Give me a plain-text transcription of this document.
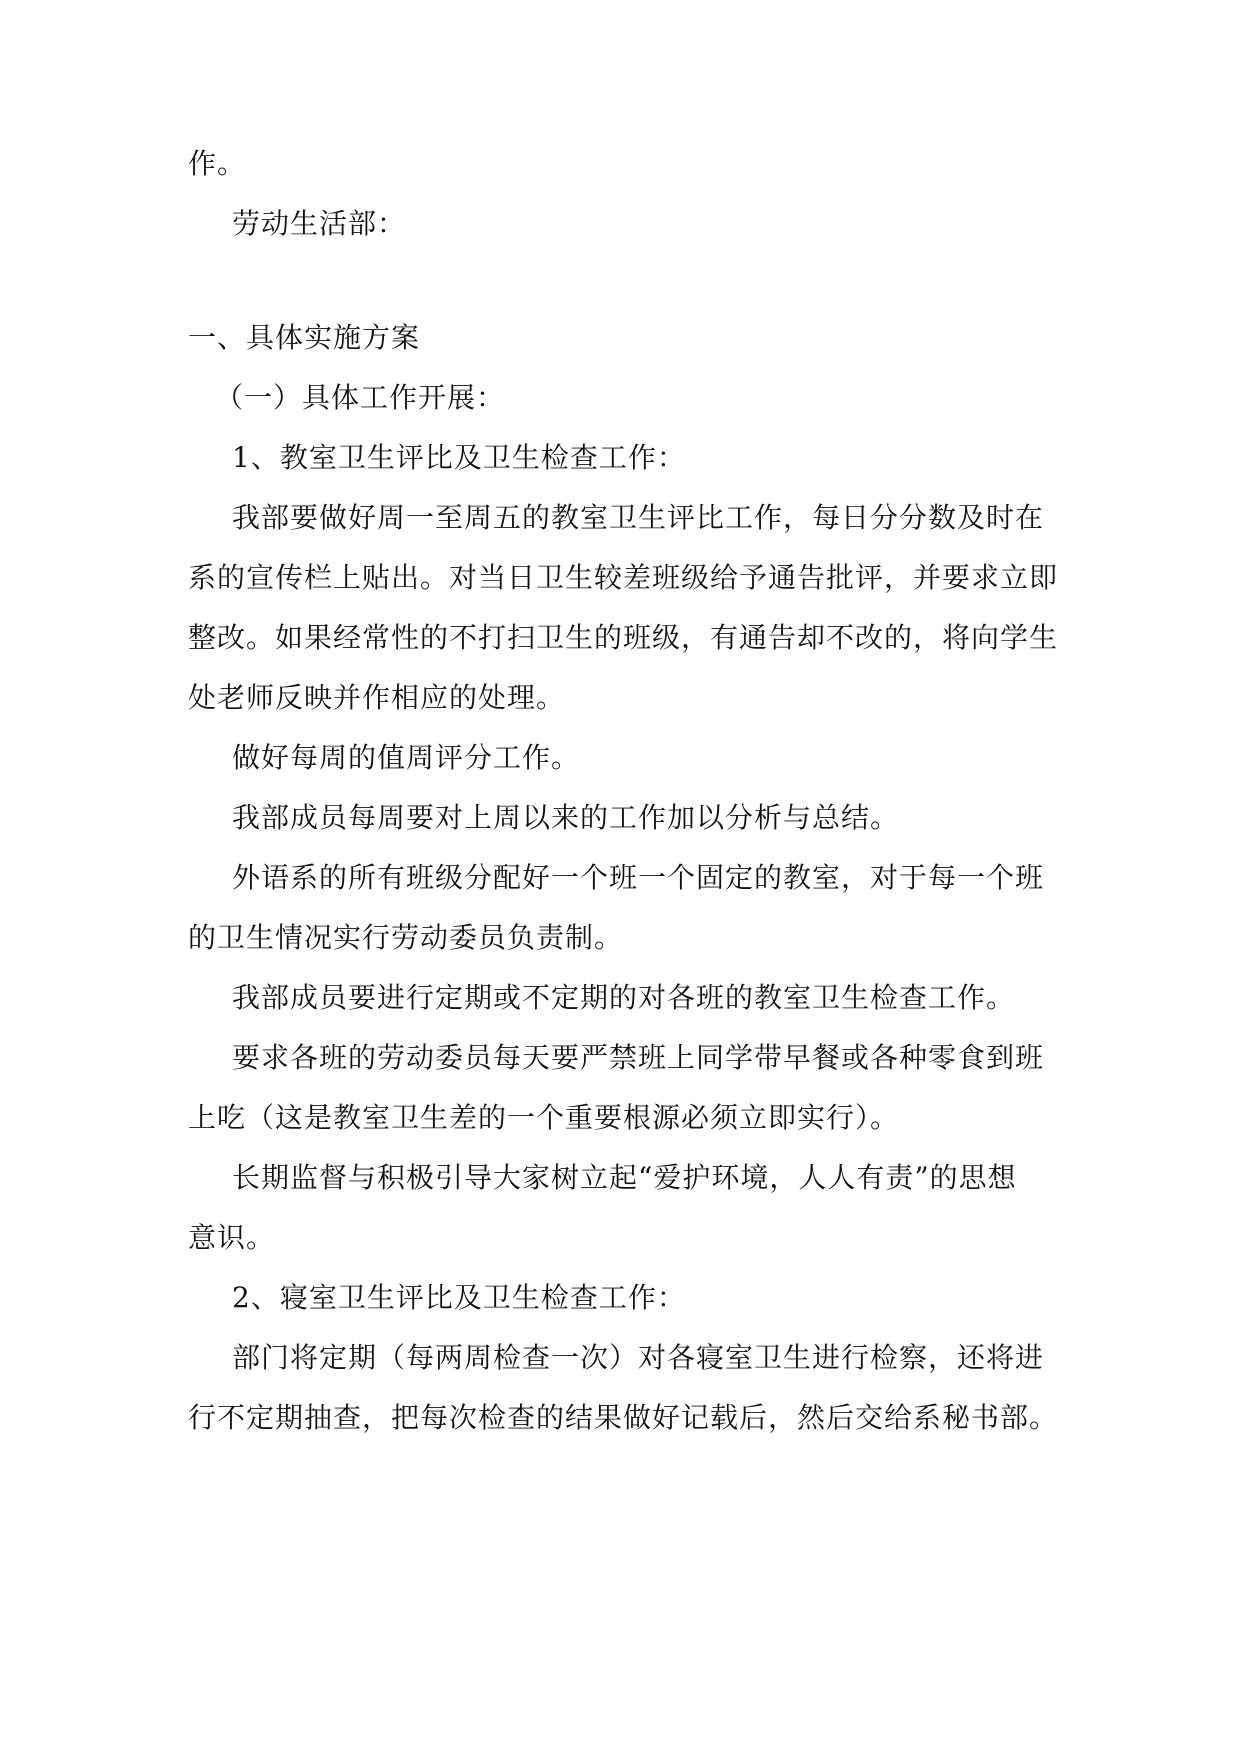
作。
劳动生活部：
一、具体实施方案
（一）具体工作开展：
1、教室卫生评比及卫生检查工作：
我部要做好周一至周五的教室卫生评比工作，每日分分数及时在
系的宣传栏上贴出。对当日卫生较差班级给予通告批评，并要求立即
整改。如果经常性的不打扫卫生的班级，有通告却不改的，将向学生
处老师反映并作相应的处理。
做好每周的值周评分工作。
我部成员每周要对上周以来的工作加以分析与总结。
外语系的所有班级分配好一个班一个固定的教室，对于每一个班
的卫生情况实行劳动委员负责制。
我部成员要进行定期或不定期的对各班的教室卫生检查工作。
要求各班的劳动委员每天要严禁班上同学带早餐或各种零食到班
上吃（这是教室卫生差的一个重要根源必须立即实行）。
长期监督与积极引导大家树立起“爱护环境，人人有责”的思想
意识。
2、寝室卫生评比及卫生检查工作：
部门将定期（每两周检查一次）对各寝室卫生进行检察，还将进
行不定期抽查，把每次检查的结果做好记载后，然后交给系秘书部。
